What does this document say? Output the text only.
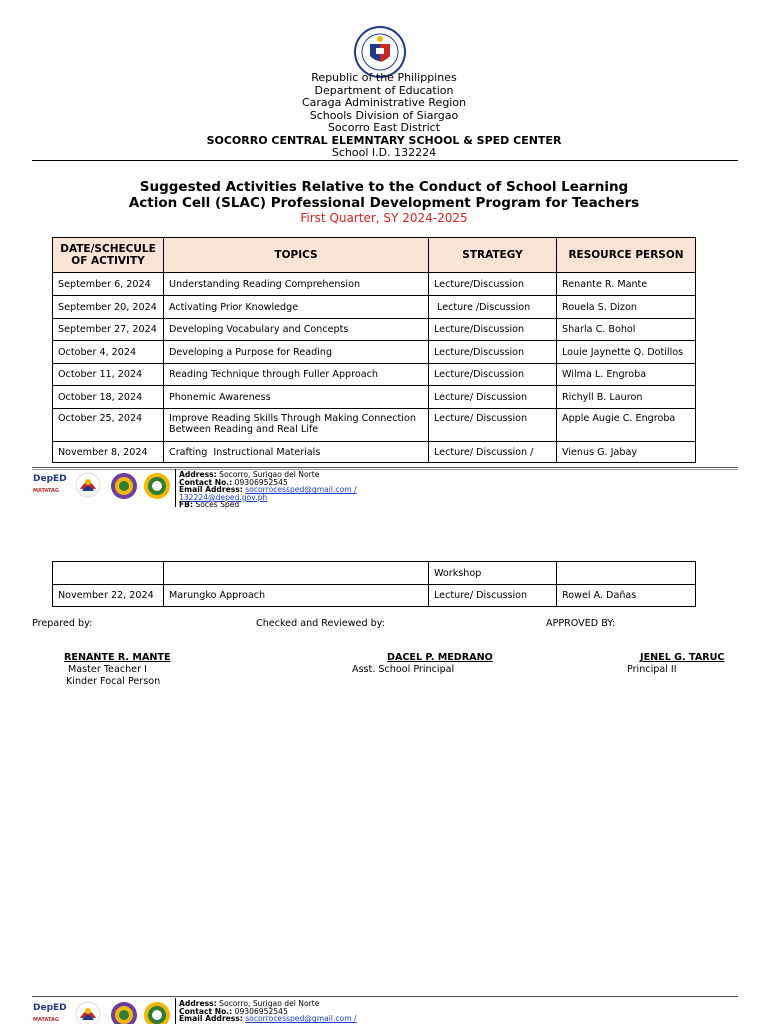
Republic of the Philippines
Department of Education
Caraga Administrative Region
Schools Division of Siargao
Socorro East District
SOCORRO CENTRAL ELEMNTARY SCHOOL & SPED CENTER
School I.D. 132224
Suggested Activities Relative to the Conduct of School Learning
Action Cell (SLAC) Professional Development Program for Teachers
First Quarter, SY 2024-2025
DATE/SCHECULE OF ACTIVITY	TOPICS	STRATEGY	RESOURCE PERSON
September 6, 2024	Understanding Reading Comprehension	Lecture/Discussion	Renante R. Mante
September 20, 2024	Activating Prior Knowledge	Lecture /Discussion	Rouela S. Dizon
September 27, 2024	Developing Vocabulary and Concepts	Lecture/Discussion	Sharla C. Bohol
October 4, 2024	Developing a Purpose for Reading	Lecture/Discussion	Louie Jaynette Q. Dotillos
October 11, 2024	Reading Technique through Fuller Approach	Lecture/Discussion	Wilma L. Engroba
October 18, 2024	Phonemic Awareness	Lecture/ Discussion	Richyll B. Lauron
October 25, 2024	Improve Reading Skills Through Making Connection Between Reading and Real Life	Lecture/ Discussion	Apple Augie C. Engroba
November 8, 2024	Crafting  Instructional Materials	Lecture/ Discussion /	Vienus G. Jabay
DepED
MATATAG
Address: Socorro, Surigao del Norte
Contact No.: 09306952545
Email Address: socorrocessped@gmail.com /
132224@deped.gov.ph
FB: Soces Sped
		Workshop	
November 22, 2024	Marungko Approach	Lecture/ Discussion	Rowel A. Dañas
Prepared by:	Checked and Reviewed by:	APPROVED BY:
RENANTE R. MANTE
Master Teacher I
Kinder Focal Person
DACEL P. MEDRANO
Asst. School Principal
JENEL G. TARUC
Principal II
DepED
MATATAG
Address: Socorro, Surigao del Norte
Contact No.: 09306952545
Email Address: socorrocessped@gmail.com /
